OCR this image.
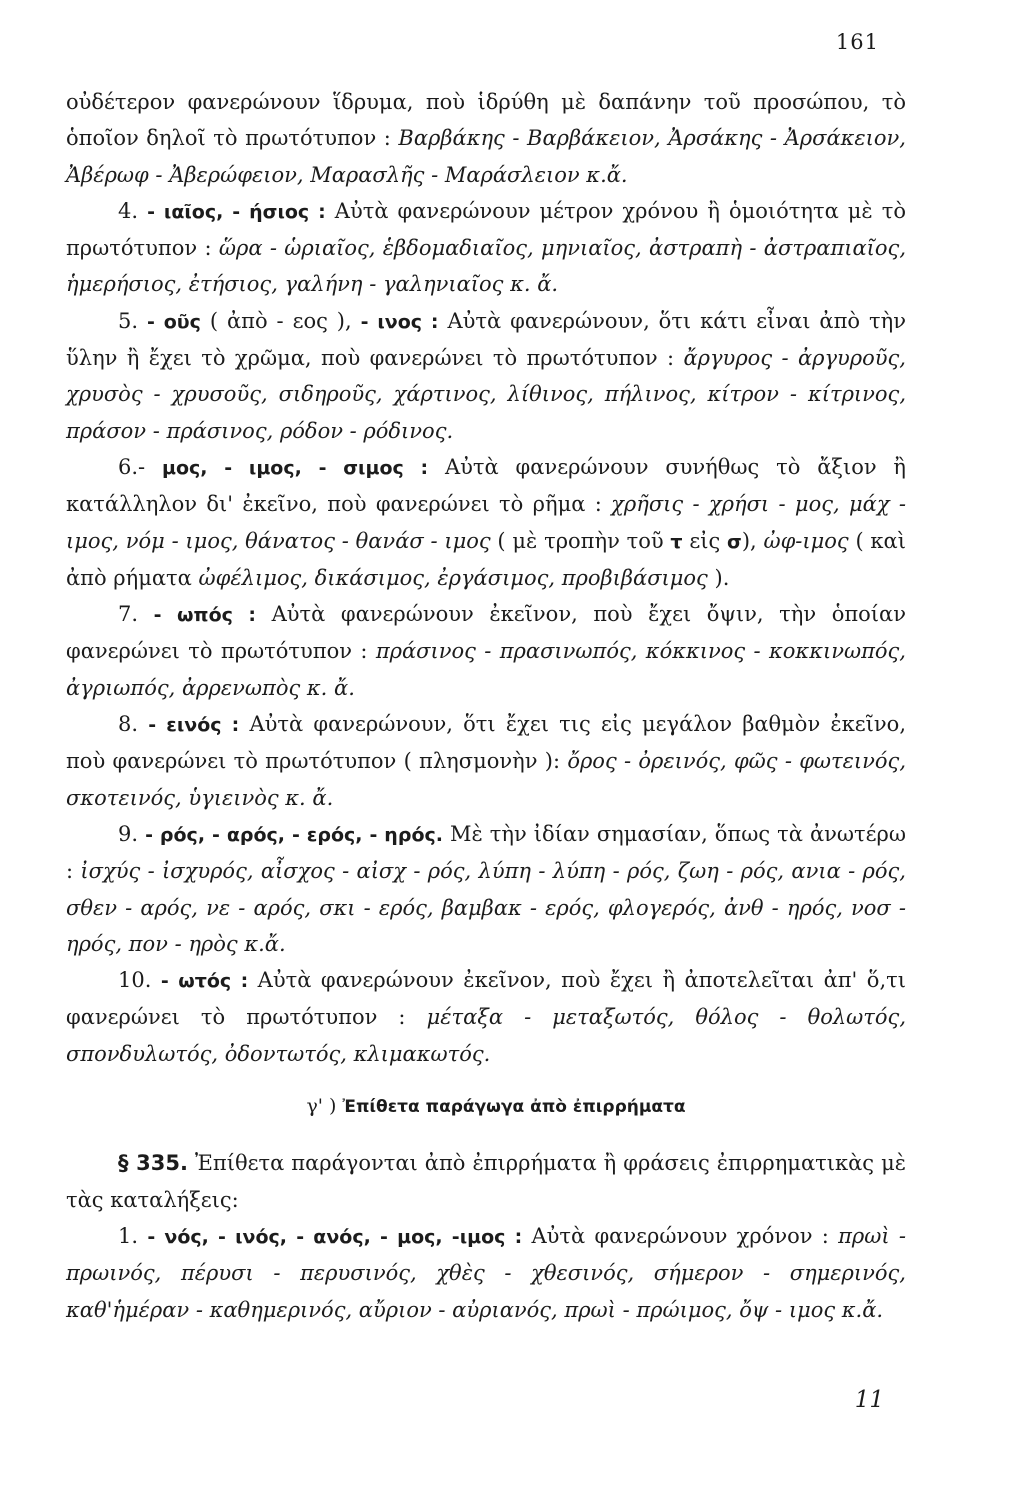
161

οὐδέτερον φανερώνουν ἵδρυμα, ποὺ ἱδρύθη μὲ δαπάνην τοῦ προσώπου, τὸ ὁποῖον δηλοῖ τὸ πρωτότυπον : Βαρβάκης - Βαρβάκειον, Ἀρσάκης - Ἀρσάκειον, Ἀβέρωφ - Ἀβερώφειον, Μαρασλῆς - Μαράσλειον κ.ἄ.

4. - ιαῖος, - ήσιος : Αὐτὰ φανερώνουν μέτρον χρόνου ἢ ὁμοιότητα μὲ τὸ πρωτότυπον : ὥρα - ὡριαῖος, ἑβδομαδιαῖος, μηνιαῖος, ἀστραπὴ - ἀστραπιαῖος, ἡμερήσιος, ἐτήσιος, γαλήνη - γαληνιαῖος κ. ἄ.

5. - οῦς ( ἀπὸ - εος ), - ινος : Αὐτὰ φανερώνουν, ὅτι κάτι εἶναι ἀπὸ τὴν ὕλην ἢ ἔχει τὸ χρῶμα, ποὺ φανερώνει τὸ πρωτότυπον : ἄργυρος - ἀργυροῦς, χρυσὸς - χρυσοῦς, σιδηροῦς, χάρτινος, λίθινος, πήλινος, κίτρον - κίτρινος, πράσον - πράσινος, ρόδον - ρόδινος.

6.- μος, - ιμος, - σιμος : Αὐτὰ φανερώνουν συνήθως τὸ ἄξιον ἢ κατάλληλον δι' ἐκεῖνο, ποὺ φανερώνει τὸ ρῆμα : χρῆσις - χρήσι - μος, μάχ - ιμος, νόμ - ιμος, θάνατος - θανάσ - ιμος ( μὲ τροπὴν τοῦ τ εἰς σ), ὠφ-ιμος ( καὶ ἀπὸ ρήματα ὠφέλιμος, δικάσιμος, ἐργάσιμος, προβιβάσιμος ).

7. - ωπός : Αὐτὰ φανερώνουν ἐκεῖνον, ποὺ ἔχει ὄψιν, τὴν ὁποίαν φανερώνει τὸ πρωτότυπον : πράσινος - πρασινωπός, κόκκινος - κοκκινωπός, ἀγριωπός, ἀρρενωπὸς κ. ἄ.

8. - εινός : Αὐτὰ φανερώνουν, ὅτι ἔχει τις εἰς μεγάλον βαθμὸν ἐκεῖνο, ποὺ φανερώνει τὸ πρωτότυπον ( πλησμονὴν ): ὄρος - ὀρεινός, φῶς - φωτεινός, σκοτεινός, ὑγιεινὸς κ. ἄ.

9. - ρός, - αρός, - ερός, - ηρός. Μὲ τὴν ἰδίαν σημασίαν, ὅπως τὰ ἀνωτέρω : ἰσχύς - ἰσχυρός, αἶσχος - αἰσχ - ρός, λύπη - λύπη - ρός, ζωη - ρός, ανια - ρός, σθεν - αρός, νε - αρός, σκι - ερός, βαμβακ - ερός, φλογερός, ἀνθ - ηρός, νοσ - ηρός, πον - ηρὸς κ.ἄ.

10. - ωτός : Αὐτὰ φανερώνουν ἐκεῖνον, ποὺ ἔχει ἢ ἀποτελεῖται ἀπ' ὅ,τι φανερώνει τὸ πρωτότυπον : μέταξα - μεταξωτός, θόλος - θολωτός, σπονδυλωτός, ὀδοντωτός, κλιμακωτός.

γ' ) Ἐπίθετα παράγωγα ἀπὸ ἐπιρρήματα

§ 335. Ἐπίθετα παράγονται ἀπὸ ἐπιρρήματα ἢ φράσεις ἐπιρρηματικὰς μὲ τὰς καταλήξεις:

1. - νός, - ινός, - ανός, - μος, -ιμος : Αὐτὰ φανερώνουν χρόνον : πρωὶ - πρωινός, πέρυσι - περυσινός, χθὲς - χθεσινός, σήμερον - σημερινός, καθ'ἡμέραν - καθημερινός, αὔριον - αὐριανός, πρωὶ - πρώιμος, ὄψ - ιμος κ.ἄ.

11
